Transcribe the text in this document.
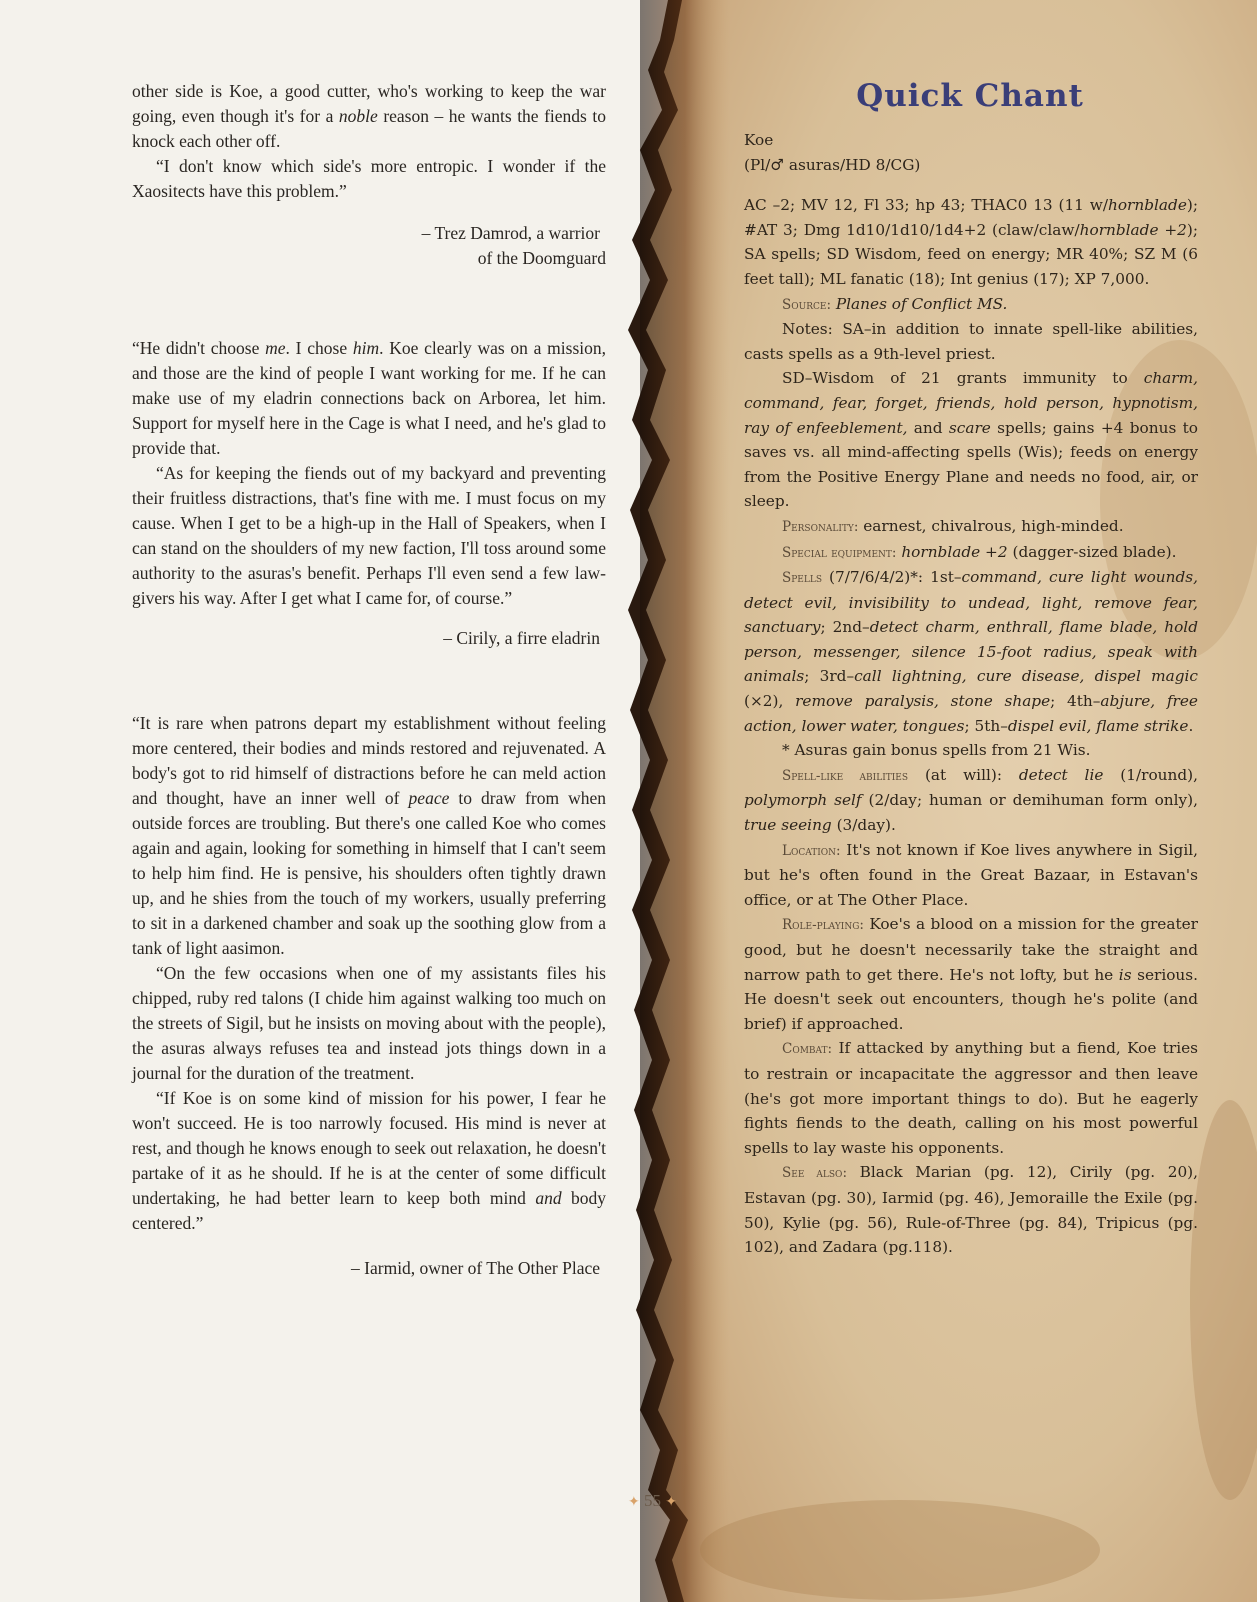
other side is Koe, a good cutter, who's working to keep the war going, even though it's for a noble reason – he wants the fiends to knock each other off.

“I don't know which side's more entropic. I wonder if the Xaositects have this problem.”

– Trez Damrod, a warrior

of the Doomguard

“He didn't choose me. I chose him. Koe clearly was on a mission, and those are the kind of people I want working for me. If he can make use of my eladrin connections back on Arborea, let him. Support for myself here in the Cage is what I need, and he's glad to provide that.

“As for keeping the fiends out of my backyard and preventing their fruitless distractions, that's fine with me. I must focus on my cause. When I get to be a high-up in the Hall of Speakers, when I can stand on the shoulders of my new faction, I'll toss around some authority to the asuras's benefit. Perhaps I'll even send a few law-givers his way. After I get what I came for, of course.”

– Cirily, a firre eladrin

“It is rare when patrons depart my establishment without feeling more centered, their bodies and minds restored and rejuvenated. A body's got to rid himself of distractions before he can meld action and thought, have an inner well of peace to draw from when outside forces are troubling. But there's one called Koe who comes again and again, looking for something in himself that I can't seem to help him find. He is pensive, his shoulders often tightly drawn up, and he shies from the touch of my workers, usually preferring to sit in a darkened chamber and soak up the soothing glow from a tank of light aasimon.

“On the few occasions when one of my assistants files his chipped, ruby red talons (I chide him against walking too much on the streets of Sigil, but he insists on moving about with the people), the asuras always refuses tea and instead jots things down in a journal for the duration of the treatment.

“If Koe is on some kind of mission for his power, I fear he won't succeed. He is too narrowly focused. His mind is never at rest, and though he knows enough to seek out relaxation, he doesn't partake of it as he should. If he is at the center of some difficult undertaking, he had better learn to keep both mind and body centered.”

– Iarmid, owner of The Other Place

Quick Chant

Koe

(Pl/♂ asuras/HD 8/CG)

AC –2; MV 12, Fl 33; hp 43; THAC0 13 (11 w/hornblade); #AT 3; Dmg 1d10/1d10/1d4+2 (claw/claw/hornblade +2); SA spells; SD Wisdom, feed on energy; MR 40%; SZ M (6 feet tall); ML fanatic (18); Int genius (17); XP 7,000.

Source: Planes of Conflict MS.

Notes: SA–in addition to innate spell-like abilities, casts spells as a 9th-level priest.

SD–Wisdom of 21 grants immunity to charm, command, fear, forget, friends, hold person, hypnotism, ray of enfeeblement, and scare spells; gains +4 bonus to saves vs. all mind-affecting spells (Wis); feeds on energy from the Positive Energy Plane and needs no food, air, or sleep.

Personality: earnest, chivalrous, high-minded.

Special equipment: hornblade +2 (dagger-sized blade).

Spells (7/7/6/4/2)*: 1st–command, cure light wounds, detect evil, invisibility to undead, light, remove fear, sanctuary; 2nd–detect charm, enthrall, flame blade, hold person, messenger, silence 15-foot radius, speak with animals; 3rd–call lightning, cure disease, dispel magic (×2), remove paralysis, stone shape; 4th–abjure, free action, lower water, tongues; 5th–dispel evil, flame strike.

* Asuras gain bonus spells from 21 Wis.

Spell-like abilities (at will): detect lie (1/round), polymorph self (2/day; human or demihuman form only), true seeing (3/day).

Location: It's not known if Koe lives anywhere in Sigil, but he's often found in the Great Bazaar, in Estavan's office, or at The Other Place.

Role-playing: Koe's a blood on a mission for the greater good, but he doesn't necessarily take the straight and narrow path to get there. He's not lofty, but he is serious. He doesn't seek out encounters, though he's polite (and brief) if approached.

Combat: If attacked by anything but a fiend, Koe tries to restrain or incapacitate the aggressor and then leave (he's got more important things to do). But he eagerly fights fiends to the death, calling on his most powerful spells to lay waste his opponents.

See also: Black Marian (pg. 12), Cirily (pg. 20), Estavan (pg. 30), Iarmid (pg. 46), Jemoraille the Exile (pg. 50), Kylie (pg. 56), Rule-of-Three (pg. 84), Tripicus (pg. 102), and Zadara (pg.118).

✦ 55 ✦
